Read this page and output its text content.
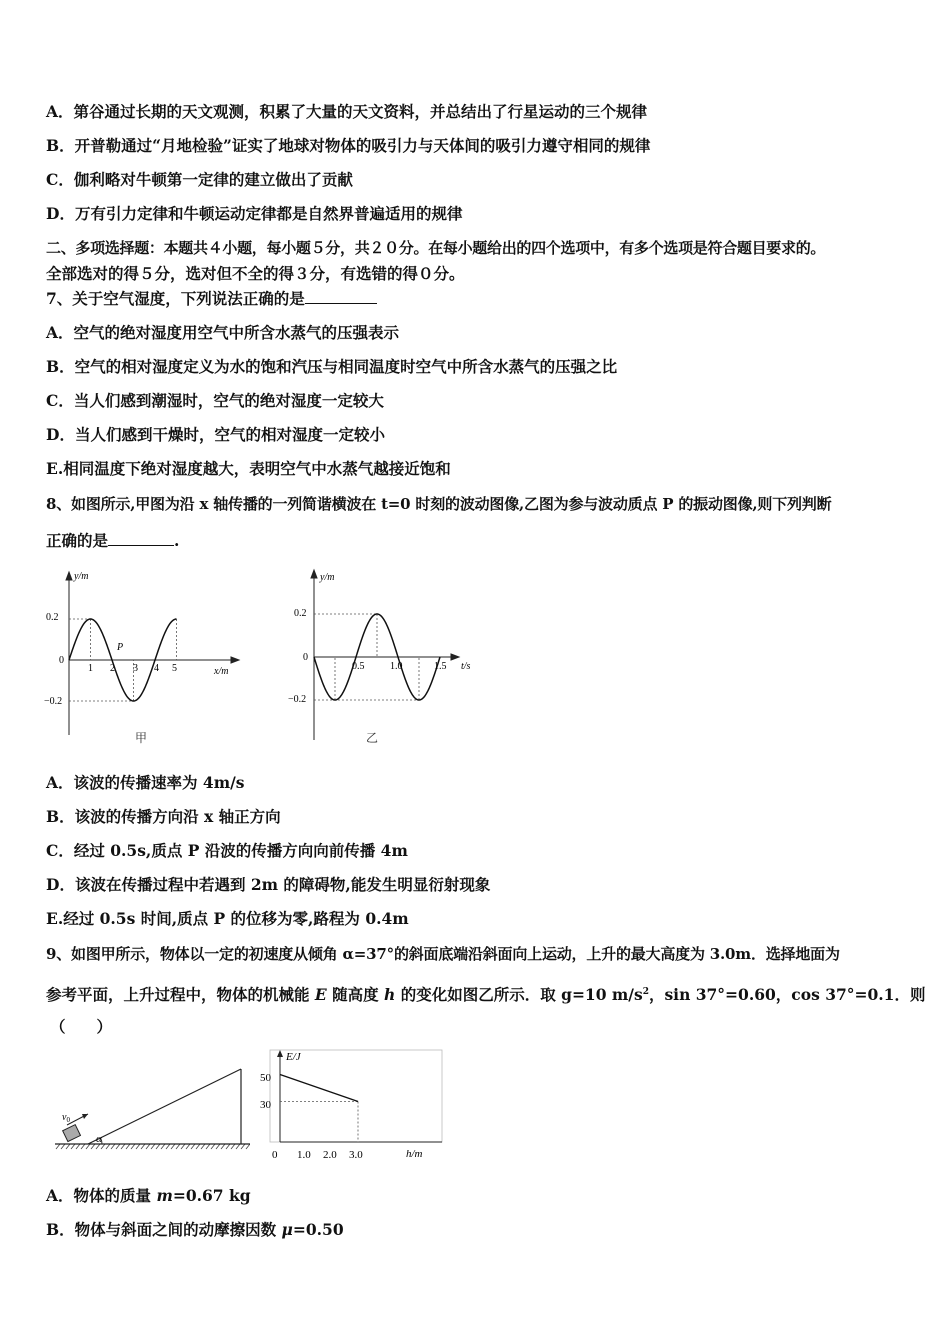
A．第谷通过长期的天文观测，积累了大量的天文资料，并总结出了行星运动的三个规律
B．开普勒通过“月地检验”证实了地球对物体的吸引力与天体间的吸引力遵守相同的规律
C．伽利略对牛顿第一定律的建立做出了贡献
D．万有引力定律和牛顿运动定律都是自然界普遍适用的规律
二、多项选择题：本题共４小题，每小题５分，共２０分。在每小题给出的四个选项中，有多个选项是符合题目要求的。
全部选对的得５分，选对但不全的得３分，有选错的得０分。
7、关于空气湿度，下列说法正确的是
A．空气的绝对湿度用空气中所含水蒸气的压强表示
B．空气的相对湿度定义为水的饱和汽压与相同温度时空气中所含水蒸气的压强之比
C．当人们感到潮湿时，空气的绝对湿度一定较大
D．当人们感到干燥时，空气的相对湿度一定较小
E.相同温度下绝对湿度越大，表明空气中水蒸气越接近饱和
8、如图所示,甲图为沿 x 轴传播的一列简谐横波在 t=0 时刻的波动图像,乙图为参与波动质点 P 的振动图像,则下列判断
正确的是	.
y/m
x/m
0.2
0
−0.2
1 2 3 4 5
P
甲
y/m
t/s
0.2
0
−0.2
0.5	1.0	1.5
乙
A．该波的传播速率为 4m/s
B．该波的传播方向沿 x 轴正方向
C．经过 0.5s,质点 P 沿波的传播方向向前传播 4m
D．该波在传播过程中若遇到 2m 的障碍物,能发生明显衍射现象
E.经过 0.5s 时间,质点 P 的位移为零,路程为 0.4m
9、如图甲所示，物体以一定的初速度从倾角 α=37°的斜面底端沿斜面向上运动，上升的最大高度为 3.0m．选择地面为
参考平面，上升过程中，物体的机械能 E 随高度 h 的变化如图乙所示．取 g=10 $m/s^2$，sin 37°=0.60，cos 37°=0.1．则
（　　）
$v_0$
α
E/J
h/m
50
30
0 1.0 2.0 3.0
A．物体的质量 m=0.67 kg
B．物体与斜面之间的动摩擦因数 μ=0.50
